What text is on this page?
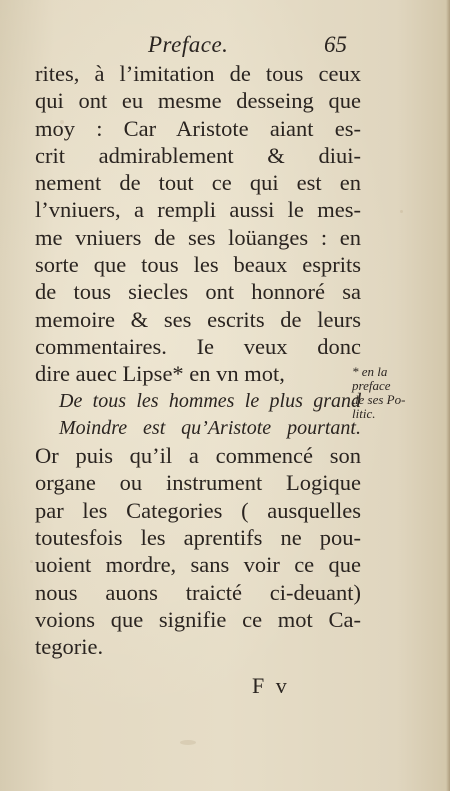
Preface.	65
rites, à l’imitation de tous ceux
qui ont eu mesme desseing que
moy : Car Aristote aiant es-
crit admirablement & diui-
nement de tout ce qui est en
l’vniuers, a rempli aussi le mes-
me vniuers de ses loüanges : en
sorte que tous les beaux esprits
de tous siecles ont honnoré sa
memoire & ses escrits de leurs
commentaires. Ie veux donc
dire auec Lipse* en vn mot,
De tous les hommes le plus grand
Moindre est qu’Aristote pourtant.
Or puis qu’il a commencé son
organe ou instrument Logique
par les Categories ( ausquelles
toutesfois les aprentifs ne pou-
uoient mordre, sans voir ce que
nous auons traicté ci-deuant)
voions que signifie ce mot Ca-
tegorie.
* en la
preface
de ses Po-
litic.
F v
